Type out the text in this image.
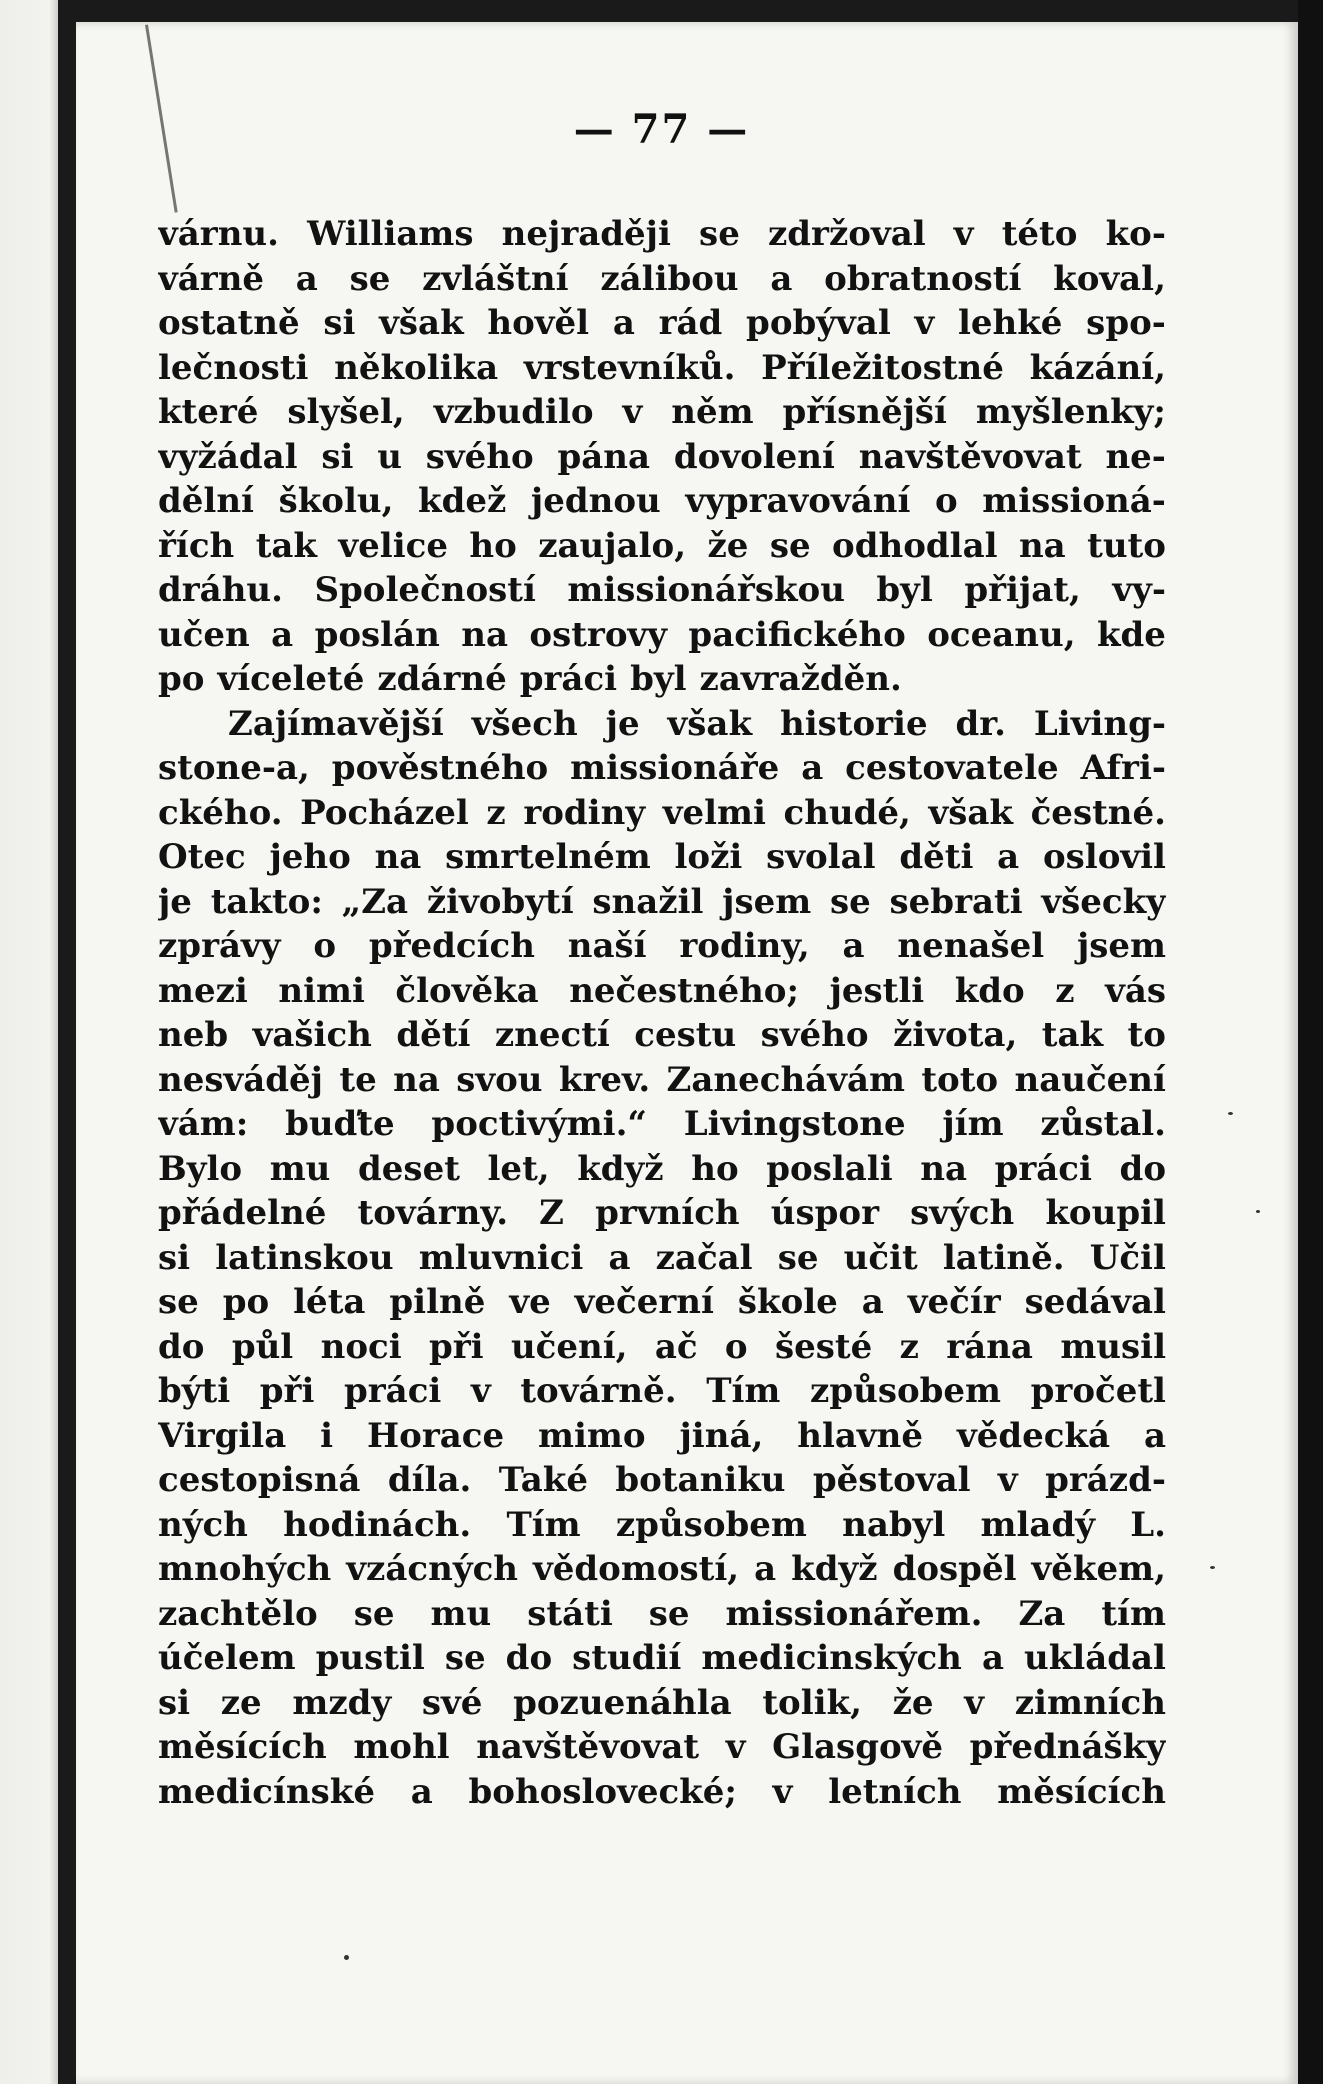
— 77 —
várnu. Williams nejraději se zdržoval v této ko-
várně a se zvláštní zálibou a obratností koval,
ostatně si však hověl a rád pobýval v lehké spo-
lečnosti několika vrstevníků. Příležitostné kázání,
které slyšel, vzbudilo v něm přísnější myšlenky;
vyžádal si u svého pána dovolení navštěvovat ne-
dělní školu, kdež jednou vypravování o missioná-
řích tak velice ho zaujalo, že se odhodlal na tuto
dráhu. Společností missionářskou byl přijat, vy-
učen a poslán na ostrovy pacifického oceanu, kde
po víceleté zdárné práci byl zavražděn.
Zajímavější všech je však historie dr. Living-
stone-a, pověstného missionáře a cestovatele Afri-
ckého. Pocházel z rodiny velmi chudé, však čestné.
Otec jeho na smrtelném loži svolal děti a oslovil
je takto: „Za živobytí snažil jsem se sebrati všecky
zprávy o předcích naší rodiny, a nenašel jsem
mezi nimi člověka nečestného; jestli kdo z vás
neb vašich dětí znectí cestu svého života, tak to
nesváděj te na svou krev. Zanechávám toto naučení
vám: buďte poctivými.“ Livingstone jím zůstal.
Bylo mu deset let, když ho poslali na práci do
přádelné továrny. Z prvních úspor svých koupil
si latinskou mluvnici a začal se učit latině. Učil
se po léta pilně ve večerní škole a večír sedával
do půl noci při učení, ač o šesté z rána musil
býti při práci v továrně. Tím způsobem pročetl
Virgila i Horace mimo jiná, hlavně vědecká a
cestopisná díla. Také botaniku pěstoval v prázd-
ných hodinách. Tím způsobem nabyl mladý L.
mnohých vzácných vědomostí, a když dospěl věkem,
zachtělo se mu státi se missionářem. Za tím
účelem pustil se do studií medicinských a ukládal
si ze mzdy své pozuenáhla tolik, že v zimních
měsících mohl navštěvovat v Glasgově přednášky
medicínské a bohoslovecké; v letních měsících
